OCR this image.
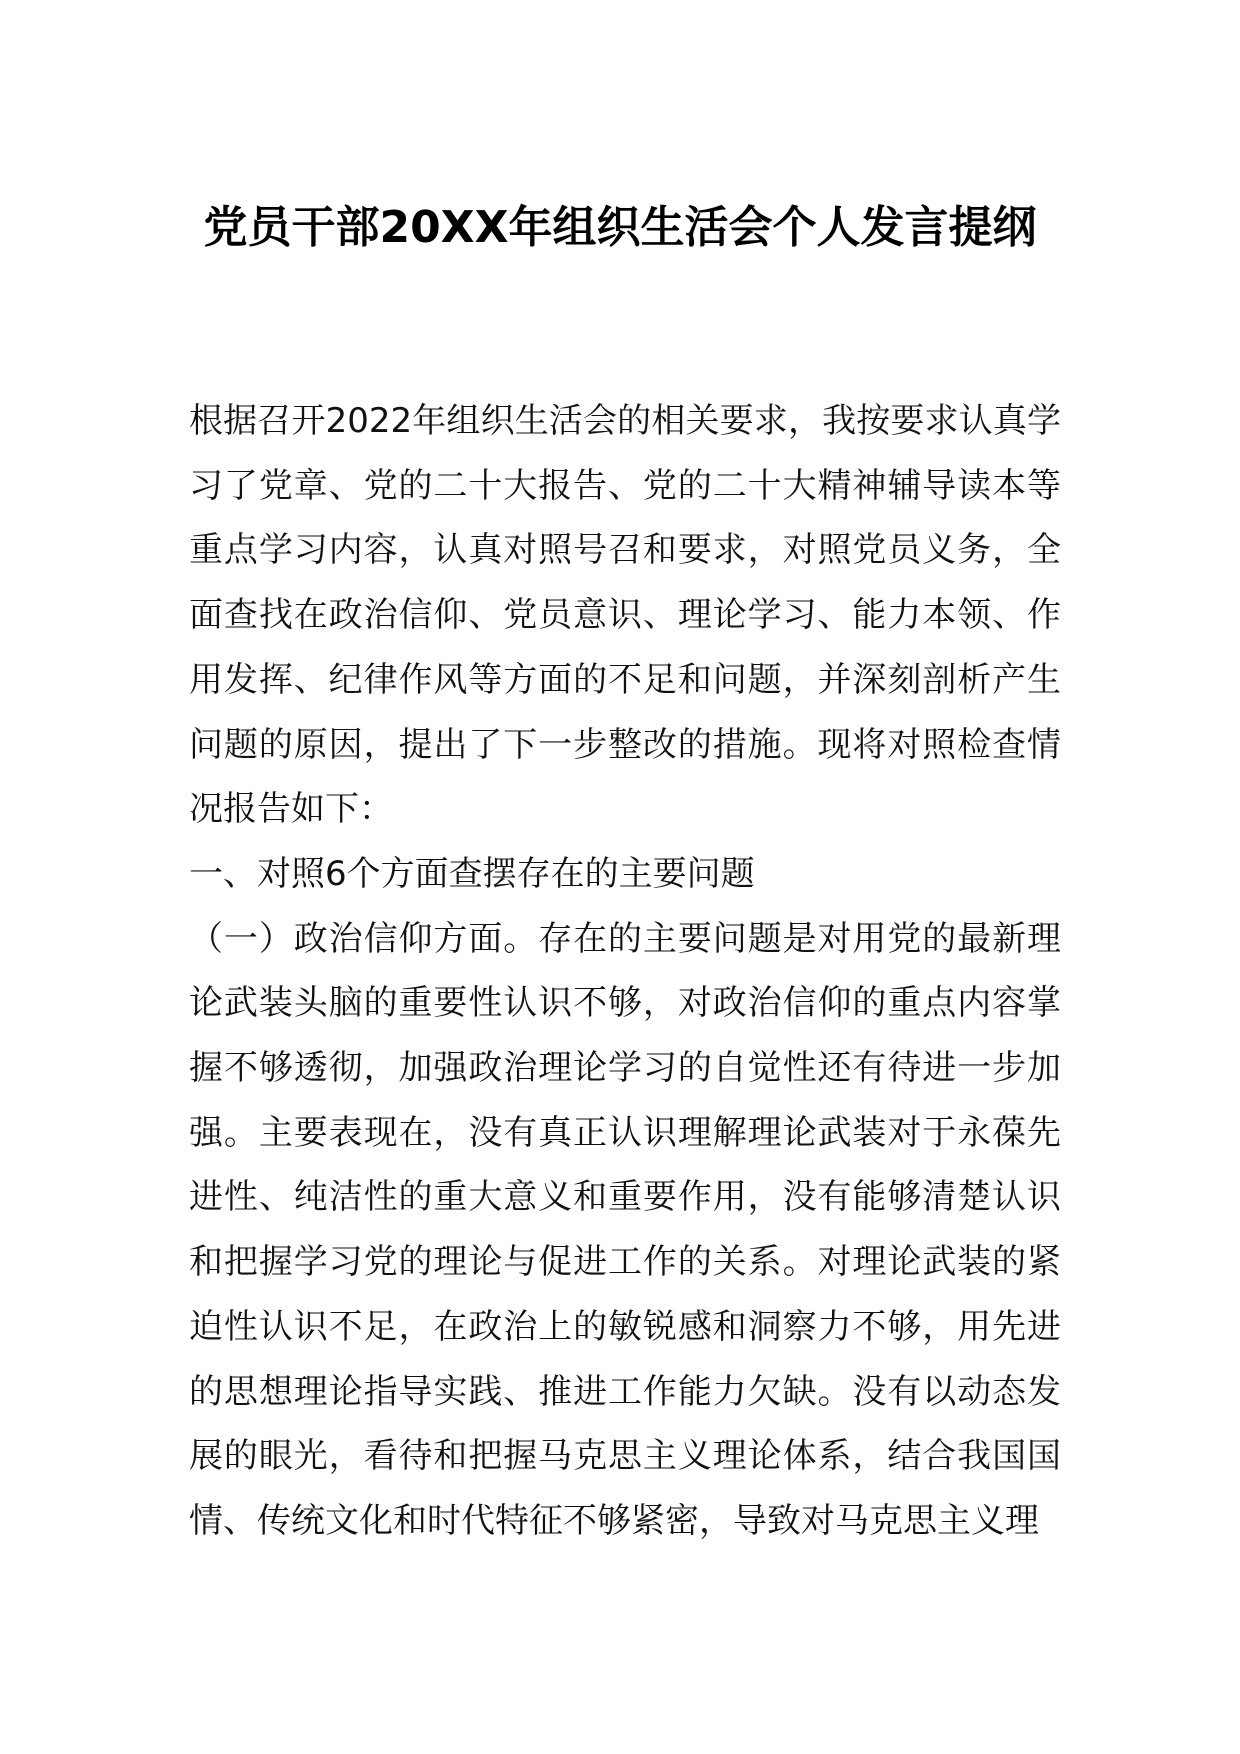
党员干部20XX年组织生活会个人发言提纲

根据召开2022年组织生活会的相关要求，我按要求认真学习了党章、党的二十大报告、党的二十大精神辅导读本等重点学习内容，认真对照号召和要求，对照党员义务，全面查找在政治信仰、党员意识、理论学习、能力本领、作用发挥、纪律作风等方面的不足和问题，并深刻剖析产生问题的原因，提出了下一步整改的措施。现将对照检查情况报告如下：

一、对照6个方面查摆存在的主要问题

（一）政治信仰方面。存在的主要问题是对用党的最新理论武装头脑的重要性认识不够，对政治信仰的重点内容掌握不够透彻，加强政治理论学习的自觉性还有待进一步加强。主要表现在，没有真正认识理解理论武装对于永葆先进性、纯洁性的重大意义和重要作用，没有能够清楚认识和把握学习党的理论与促进工作的关系。对理论武装的紧迫性认识不足，在政治上的敏锐感和洞察力不够，用先进的思想理论指导实践、推进工作能力欠缺。没有以动态发展的眼光，看待和把握马克思主义理论体系，结合我国国情、传统文化和时代特征不够紧密，导致对马克思主义理
